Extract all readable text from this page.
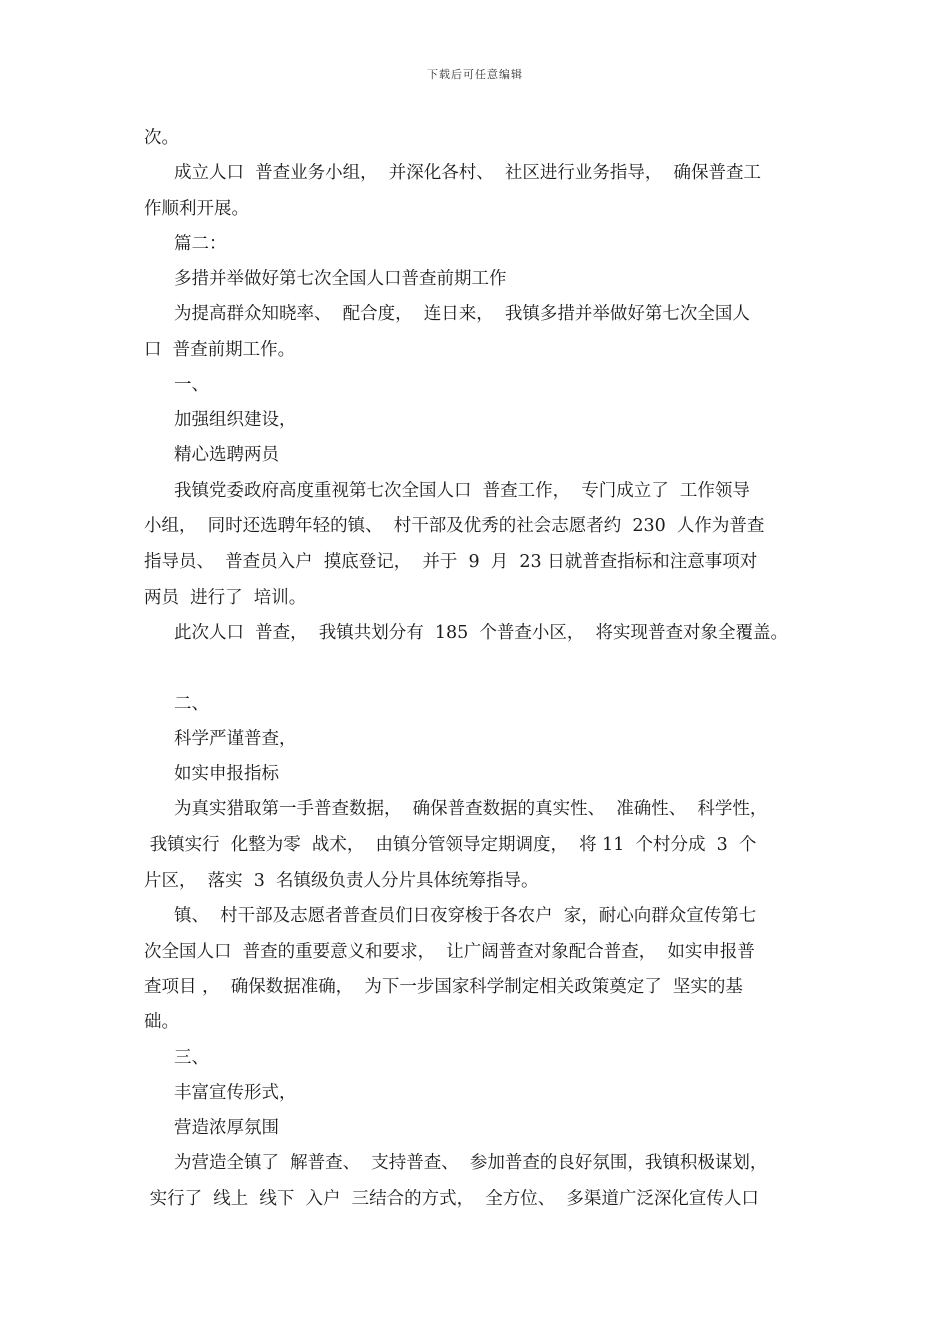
下载后可任意编辑
次。
成立人口  普查业务小组，  并深化各村、  社区进行业务指导，  确保普查工
作顺利开展。
篇二：
多措并举做好第七次全国人口普查前期工作
为提高群众知晓率、  配合度，  连日来，  我镇多措并举做好第七次全国人
口  普查前期工作。
一、
加强组织建设，
精心选聘两员
我镇党委政府高度重视第七次全国人口  普查工作，  专门成立了  工作领导
小组，  同时还选聘年轻的镇、  村干部及优秀的社会志愿者约  230  人作为普查
指导员、  普查员入户  摸底登记，  并于  9  月  23 日就普查指标和注意事项对
两员  进行了  培训。
此次人口  普查，  我镇共划分有  185  个普查小区，  将实现普查对象全覆盖。
二、
科学严谨普查，
如实申报指标
为真实猎取第一手普查数据，  确保普查数据的真实性、  准确性、  科学性，
我镇实行  化整为零  战术，  由镇分管领导定期调度，  将 11  个村分成  3  个
片区，  落实  3  名镇级负责人分片具体统筹指导。
镇、  村干部及志愿者普查员们日夜穿梭于各农户  家，耐心向群众宣传第七
次全国人口  普查的重要意义和要求，  让广阔普查对象配合普查，  如实申报普
查项目 ，  确保数据准确，  为下一步国家科学制定相关政策奠定了  坚实的基
础。
三、
丰富宣传形式，
营造浓厚氛围
为营造全镇了  解普查、  支持普查、  参加普查的良好氛围，我镇积极谋划，
实行了  线上  线下  入户  三结合的方式，  全方位、  多渠道广泛深化宣传人口
